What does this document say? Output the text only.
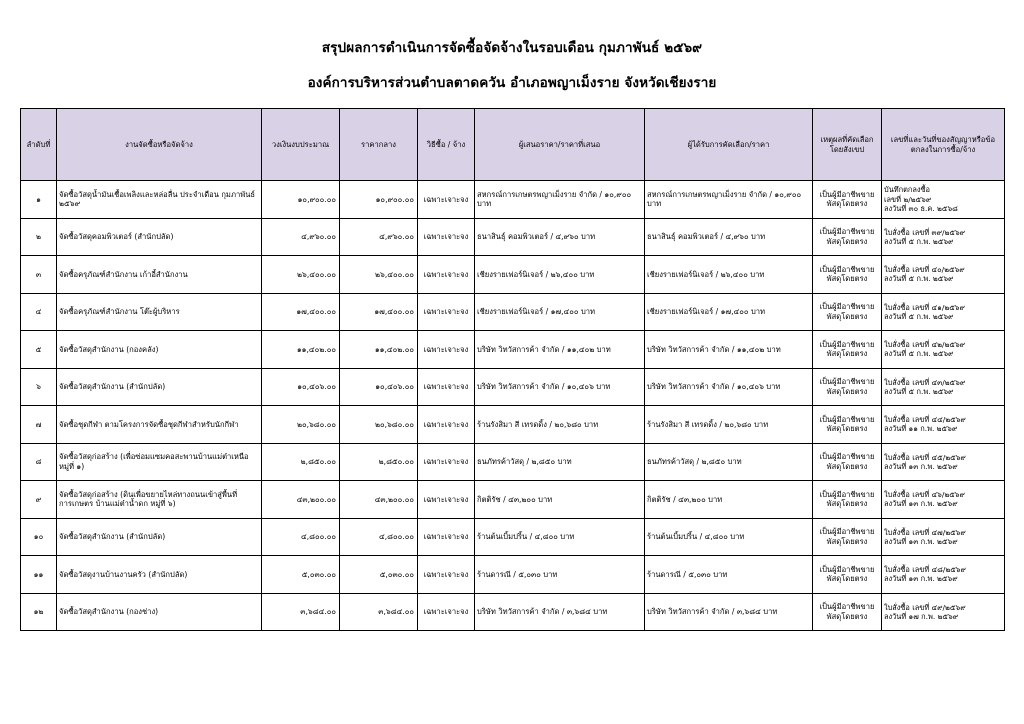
สรุปผลการดำเนินการจัดซื้อจัดจ้างในรอบเดือน กุมภาพันธ์ ๒๕๖๙
องค์การบริหารส่วนตำบลตาดควัน อำเภอพญาเม็งราย จังหวัดเชียงราย
ลำดับที่	งานจัดซื้อหรือจัดจ้าง	วงเงินงบประมาณ	ราคากลาง	วิธีซื้อ / จ้าง	ผู้เสนอราคา/ราคาที่เสนอ	ผู้ได้รับการคัดเลือก/ราคา	เหตุผลที่คัดเลือกโดยสังเขป	เลขที่และวันที่ของสัญญาหรือข้อตกลงในการซื้อ/จ้าง
๑	จัดซื้อวัสดุน้ำมันเชื้อเพลิงและหล่อลื่น ประจำเดือน กุมภาพันธ์ ๒๕๖๙	๑๐,๙๐๐.๐๐	๑๐,๙๐๐.๐๐	เฉพาะเจาะจง	สหกรณ์การเกษตรพญาเม็งราย จำกัด / ๑๐,๙๐๐ บาท	สหกรณ์การเกษตรพญาเม็งราย จำกัด / ๑๐,๙๐๐ บาท	เป็นผู้มีอาชีพขายพัสดุโดยตรง	บันทึกตกลงซื้อ
เลขที่ ๒/๒๕๖๙
ลงวันที่ ๓๐ ธ.ค. ๒๕๖๘

๒	จัดซื้อวัสดุคอมพิวเตอร์ (สำนักปลัด)	๔,๙๖๐.๐๐	๔,๙๖๐.๐๐	เฉพาะเจาะจง	ธนาสินธุ์ คอมพิวเตอร์ / ๔,๙๖๐ บาท	ธนาสินธุ์ คอมพิวเตอร์ / ๔,๙๖๐ บาท	เป็นผู้มีอาชีพขายพัสดุโดยตรง	ใบสั่งซื้อ เลขที่ ๓๙/๒๕๖๙
ลงวันที่ ๕ ก.พ. ๒๕๖๙

๓	จัดซื้อครุภัณฑ์สำนักงาน เก้าอี้สำนักงาน	๒๖,๔๐๐.๐๐	๒๖,๔๐๐.๐๐	เฉพาะเจาะจง	เชียงรายเฟอร์นิเจอร์ / ๒๖,๔๐๐ บาท	เชียงรายเฟอร์นิเจอร์ / ๒๖,๔๐๐ บาท	เป็นผู้มีอาชีพขายพัสดุโดยตรง	ใบสั่งซื้อ เลขที่ ๔๐/๒๕๖๙
ลงวันที่ ๕ ก.พ. ๒๕๖๙

๔	จัดซื้อครุภัณฑ์สำนักงาน โต๊ะผู้บริหาร	๑๗,๔๐๐.๐๐	๑๗,๔๐๐.๐๐	เฉพาะเจาะจง	เชียงรายเฟอร์นิเจอร์ / ๑๗,๔๐๐ บาท	เชียงรายเฟอร์นิเจอร์ / ๑๗,๔๐๐ บาท	เป็นผู้มีอาชีพขายพัสดุโดยตรง	ใบสั่งซื้อ เลขที่ ๔๑/๒๕๖๙
ลงวันที่ ๕ ก.พ. ๒๕๖๙

๕	จัดซื้อวัสดุสำนักงาน (กองคลัง)	๑๑,๔๐๒.๐๐	๑๑,๔๐๒.๐๐	เฉพาะเจาะจง	บริษัท วิทวัสการค้า จำกัด / ๑๑,๔๐๒ บาท	บริษัท วิทวัสการค้า จำกัด / ๑๑,๔๐๒ บาท	เป็นผู้มีอาชีพขายพัสดุโดยตรง	ใบสั่งซื้อ เลขที่ ๔๒/๒๕๖๙
ลงวันที่ ๕ ก.พ. ๒๕๖๙

๖	จัดซื้อวัสดุสำนักงาน (สำนักปลัด)	๑๐,๔๐๖.๐๐	๑๐,๔๐๖.๐๐	เฉพาะเจาะจง	บริษัท วิทวัสการค้า จำกัด / ๑๐,๔๐๖ บาท	บริษัท วิทวัสการค้า จำกัด / ๑๐,๔๐๖ บาท	เป็นผู้มีอาชีพขายพัสดุโดยตรง	ใบสั่งซื้อ เลขที่ ๔๓/๒๕๖๙
ลงวันที่ ๕ ก.พ. ๒๕๖๙

๗	จัดซื้อชุดกีฬา ตามโครงการจัดซื้อชุดกีฬาสำหรับนักกีฬา	๒๐,๖๘๐.๐๐	๒๐,๖๘๐.๐๐	เฉพาะเจาะจง	ร้านรังสิมา สี เทรดดิ้ง / ๒๐,๖๘๐ บาท	ร้านรังสิมา สี เทรดดิ้ง / ๒๐,๖๘๐ บาท	เป็นผู้มีอาชีพขายพัสดุโดยตรง	ใบสั่งซื้อ เลขที่ ๔๔/๒๕๖๙
ลงวันที่ ๑๑ ก.พ. ๒๕๖๙

๘	จัดซื้อวัสดุก่อสร้าง (เพื่อซ่อมแซมคอสะพานบ้านแม่ต๋าเหนือ หมู่ที่ ๑)	๒,๘๕๐.๐๐	๒,๘๕๐.๐๐	เฉพาะเจาะจง	ธนภัทรค้าวัสดุ / ๒,๘๕๐ บาท	ธนภัทรค้าวัสดุ / ๒,๘๕๐ บาท	เป็นผู้มีอาชีพขายพัสดุโดยตรง	ใบสั่งซื้อ เลขที่ ๔๕/๒๕๖๙
ลงวันที่ ๑๓ ก.พ. ๒๕๖๙

๙	จัดซื้อวัสดุก่อสร้าง (ดินเพื่อขยายไหล่ทางถนนเข้าสู่พื้นที่การเกษตร บ้านแม่ต๋าน้ำดก หมู่ที่ ๖)	๔๓,๒๐๐.๐๐	๔๓,๒๐๐.๐๐	เฉพาะเจาะจง	กิตติรัช / ๔๓,๒๐๐ บาท	กิตติรัช / ๔๓,๒๐๐ บาท	เป็นผู้มีอาชีพขายพัสดุโดยตรง	ใบสั่งซื้อ เลขที่ ๔๖/๒๕๖๙
ลงวันที่ ๑๓ ก.พ. ๒๕๖๙

๑๐	จัดซื้อวัสดุสำนักงาน (สำนักปลัด)	๔,๘๐๐.๐๐	๔,๘๐๐.๐๐	เฉพาะเจาะจง	ร้านต้นเบิ้มปริ้น / ๔,๘๐๐ บาท	ร้านต้นเบิ้มปริ้น / ๔,๘๐๐ บาท	เป็นผู้มีอาชีพขายพัสดุโดยตรง	ใบสั่งซื้อ เลขที่ ๔๗/๒๕๖๙
ลงวันที่ ๑๓ ก.พ. ๒๕๖๙

๑๑	จัดซื้อวัสดุงานบ้านงานครัว (สำนักปลัด)	๕,๐๓๐.๐๐	๕,๐๓๐.๐๐	เฉพาะเจาะจง	ร้านดารณี / ๕,๐๓๐ บาท	ร้านดารณี / ๕,๐๓๐ บาท	เป็นผู้มีอาชีพขายพัสดุโดยตรง	ใบสั่งซื้อ เลขที่ ๔๘/๒๕๖๙
ลงวันที่ ๑๓ ก.พ. ๒๕๖๙

๑๒	จัดซื้อวัสดุสำนักงาน (กองช่าง)	๓,๖๘๔.๐๐	๓,๖๘๔.๐๐	เฉพาะเจาะจง	บริษัท วิทวัสการค้า จำกัด / ๓,๖๘๔ บาท	บริษัท วิทวัสการค้า จำกัด / ๓,๖๘๔ บาท	เป็นผู้มีอาชีพขายพัสดุโดยตรง	ใบสั่งซื้อ เลขที่ ๔๙/๒๕๖๙
ลงวันที่ ๑๗ ก.พ. ๒๕๖๙
